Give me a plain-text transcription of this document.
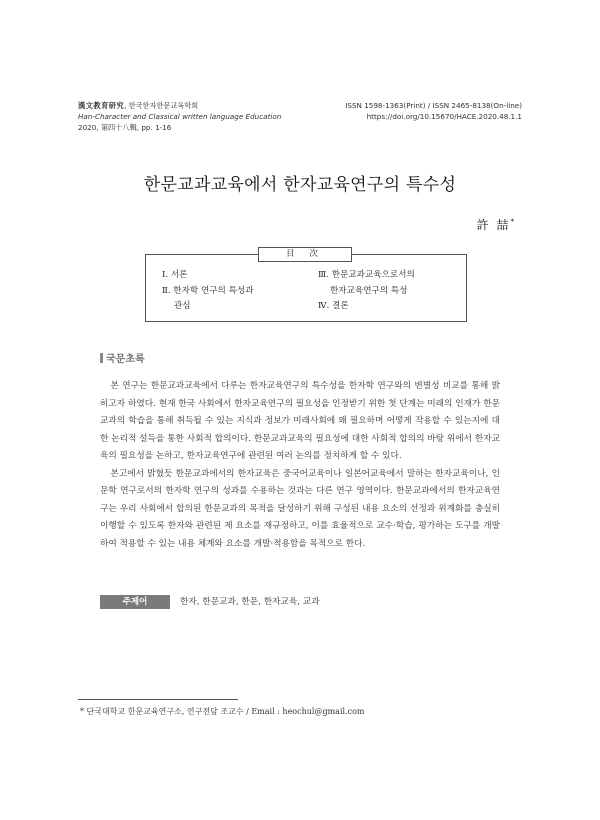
漢文教育研究, 한국한자한문교육학회
Han-Character and Classical written language Education
2020, 第四十八輯, pp. 1-16
ISSN 1598-1363(Print) / ISSN 2465-8138(On-line)
https://doi.org/10.15670/HACE.2020.48.1.1
한문교과교육에서 한자교육연구의 특수성
許 喆*
目 次
Ⅰ. 서론
Ⅱ. 한자학 연구의 특성과
관심
Ⅲ. 한문교과교육으로서의
한자교육연구의 특성
Ⅳ. 결론
국문초록

본 연구는 한문교과교육에서 다루는 한자교육연구의 특수성을 한자학 연구와의 변별성 비교를 통해 밝히고자 하였다. 현재 한국 사회에서 한자교육연구의 필요성을 인정받기 위한 첫 단계는 미래의 인재가 한문교과의 학습을 통해 취득될 수 있는 지식과 정보가 미래사회에 왜 필요하며 어떻게 작용할 수 있는지에 대한 논리적 설득을 통한 사회적 합의이다. 한문교과교육의 필요성에 대한 사회적 합의의 바탕 위에서 한자교육의 필요성을 논하고, 한자교육연구에 관련된 여러 논의를 정치하게 할 수 있다.

본고에서 밝혔듯 한문교과에서의 한자교육은 중국어교육이나 일본어교육에서 말하는 한자교육이나, 인문학 연구로서의 한자학 연구의 성과를 수용하는 것과는 다른 연구 영역이다. 한문교과에서의 한자교육연구는 우리 사회에서 합의된 한문교과의 목적을 달성하기 위해 구성된 내용 요소의 선정과 위계화를 충실히 이행할 수 있도록 한자와 관련된 제 요소를 재규정하고, 이를 효율적으로 교수·학습, 평가하는 도구를 개발하여 적용할 수 있는 내용 체계와 요소를 개발·적용함을 목적으로 한다.

주제어	한자, 한문교과, 한문, 한자교육, 교과
* 단국대학교 한문교육연구소, 연구전담 조교수 / Email : heochul@gmail.com
